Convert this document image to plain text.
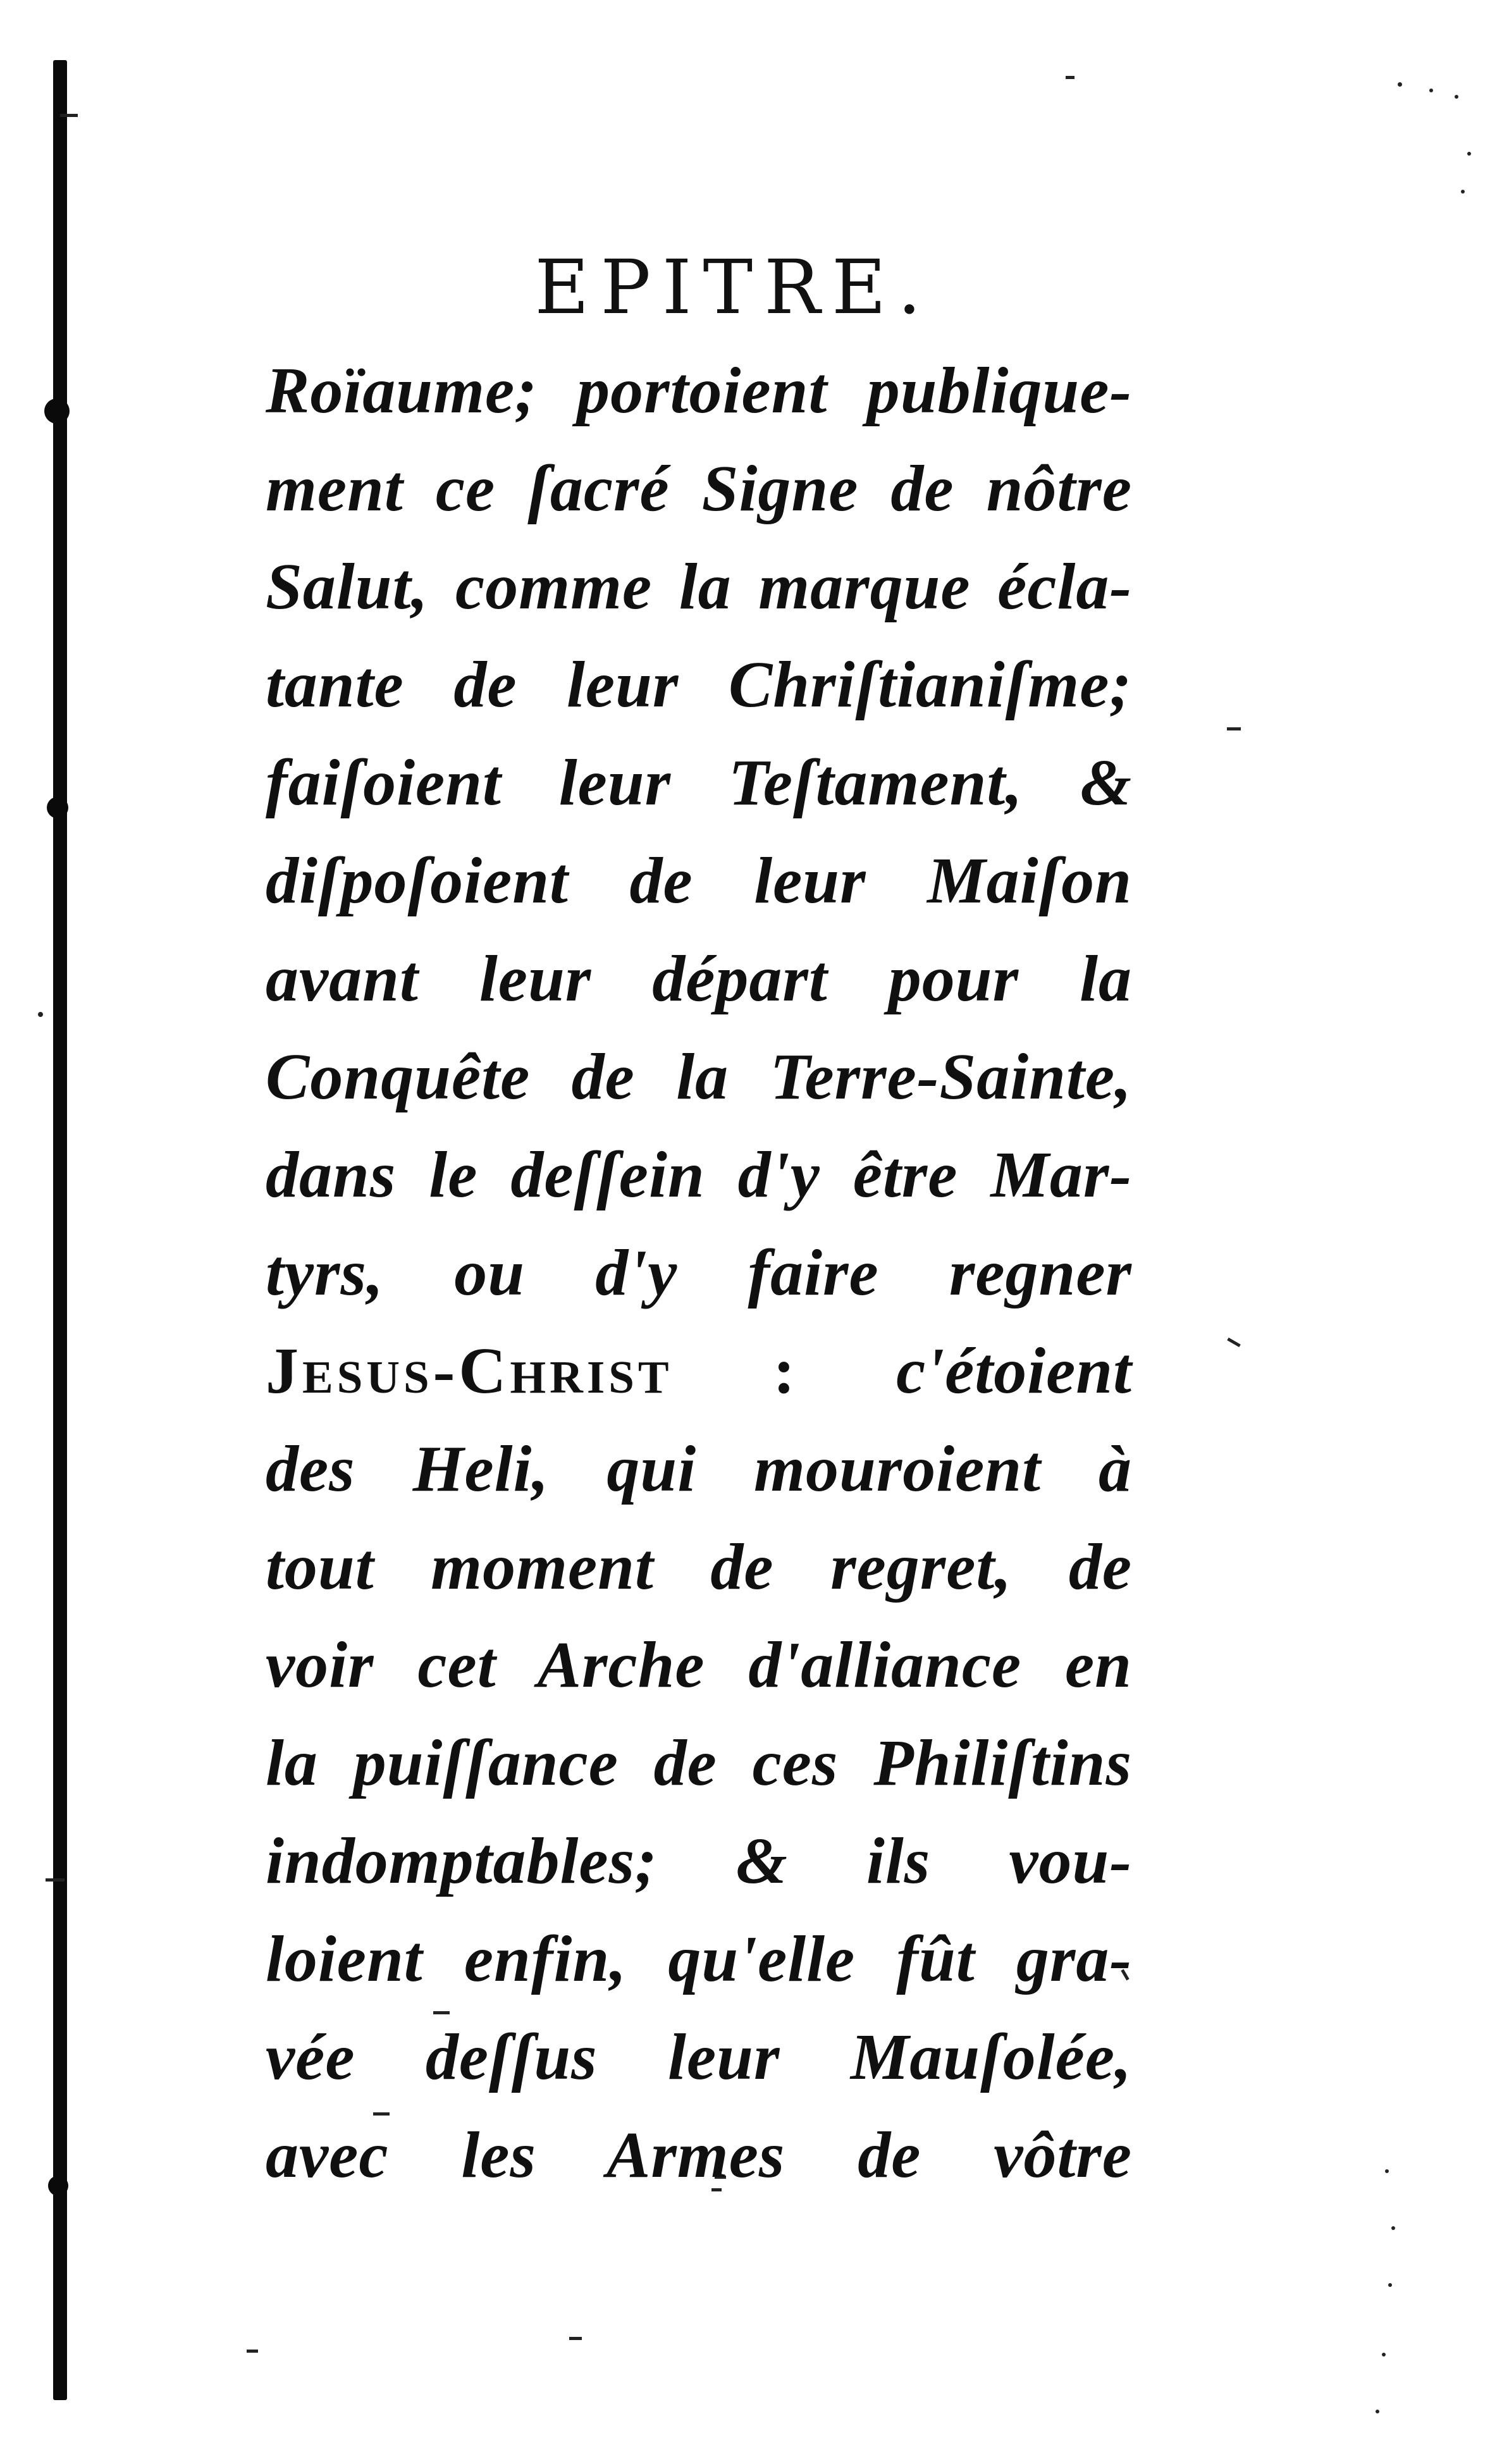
EPITRE.
Roïaume; portoient publique-
ment ce ſacré Signe de nôtre
Salut, comme la marque écla-
tante de leur Chriſtianiſme;
faiſoient leur Teſtament, &
diſpoſoient de leur Maiſon
avant leur départ pour la
Conquête de la Terre-Sainte,
dans le deſſein d'y être Mar-
tyrs, ou d'y faire regner
Jesus-Christ : c'étoient
des Heli, qui mouroient à
tout moment de regret, de
voir cet Arche d'alliance en
la puiſſance de ces Philiſtins
indomptables; & ils vou-
loient enfin, qu'elle fût gra-
vée deſſus leur Mauſolée,
avec les Armes de vôtre
